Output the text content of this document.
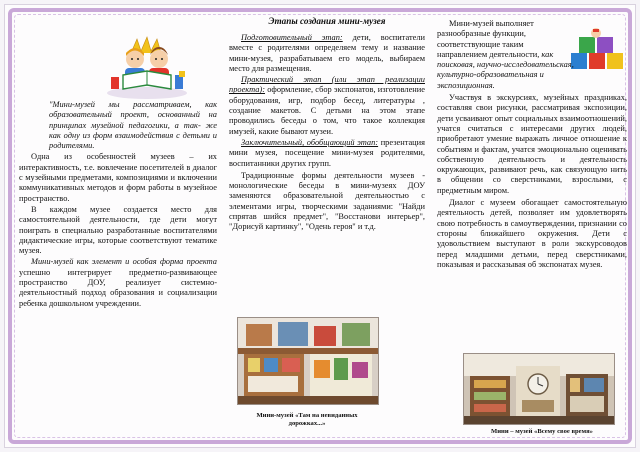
"Мини-музей мы рассматриваем, как образовательный проект, основанный на принципах музейной педагогики, а так- же как одну из форм взаимодействия с детьми и родителями.

Одна из особенностей музеев – их интерактивность, т.е. вовлечение посетителей в диалог с музейными предметами, композициями и включении коммуникативных методов и форм работы в музейное пространство.

В каждом музее создается место для самостоятельной деятельности, где дети могут поиграть в специально разработанные воспитателями дидактические игры, которые соответствуют тематике музея.

Мини-музей как элемент и особая форма проекта успешно интегрирует предметно-развивающее пространство ДОУ, реализует системно-деятельностный подход образования и социализации ребенка дошкольном учреждении.

Этапы создания мини-музея

Подготовительный этап: дети, воспитатели вместе с родителями определяем тему и название мини-музея, разрабатываем его модель, выбираем место для размещения.

Практический этап (или этап реализации проекта): оформление, сбор экспонатов, изготовление оборудования, игр, подбор бесед, литературы , создание макетов. С детьми на этом этапе проводились беседы о том, что такое коллекция имузей, какие бывают музеи.

Заключительный, обобщающий этап: презентация мини музея, посещение мини-музея родителями, воспитанники других групп.

Традиционные формы деятельности музеев - монологические беседы в мини-музеях ДОУ заменяются образовательной деятельностью с элементами игры, творческими заданиями: "Найди спрятав шийся предмет", "Восстанови интерьер", "Дорисуй картинку", "Одень героя" и т.д.

Мини-музей «Там на невиданных дорожках...»

Мини-музей выполняет разнообразные функции, соответствующие таким направлением деятельности, как поисковая, научно-исследовательская, культурно-образовательная и экспозиционная.

Участвуя в экскурсиях, музейных праздниках, составляя свои рисунки, рассматривая экспозиции, дети усваивают опыт социальных взаимоотношений, учатся считаться с интересами других людей, приобретают умение выражать личное отношение к событиям и фактам, учатся эмоционально оценивать собственную деятельность и деятельность окружающих, развивают речь, как связующую нить в общении со сверстниками, взрослыми, с предметным миром.

Диалог с музеем обогащает самостоятельную деятельность детей, позволяет им удовлетворять свою потребность в самоутверждении, признании со стороны ближайшего окружения. Дети с удовольствием выступают в роли экскурсоводов перед младшими детьми, перед сверстниками, показывая и рассказывая об экспонатах музея.

Мини – музей «Всему свое время»
